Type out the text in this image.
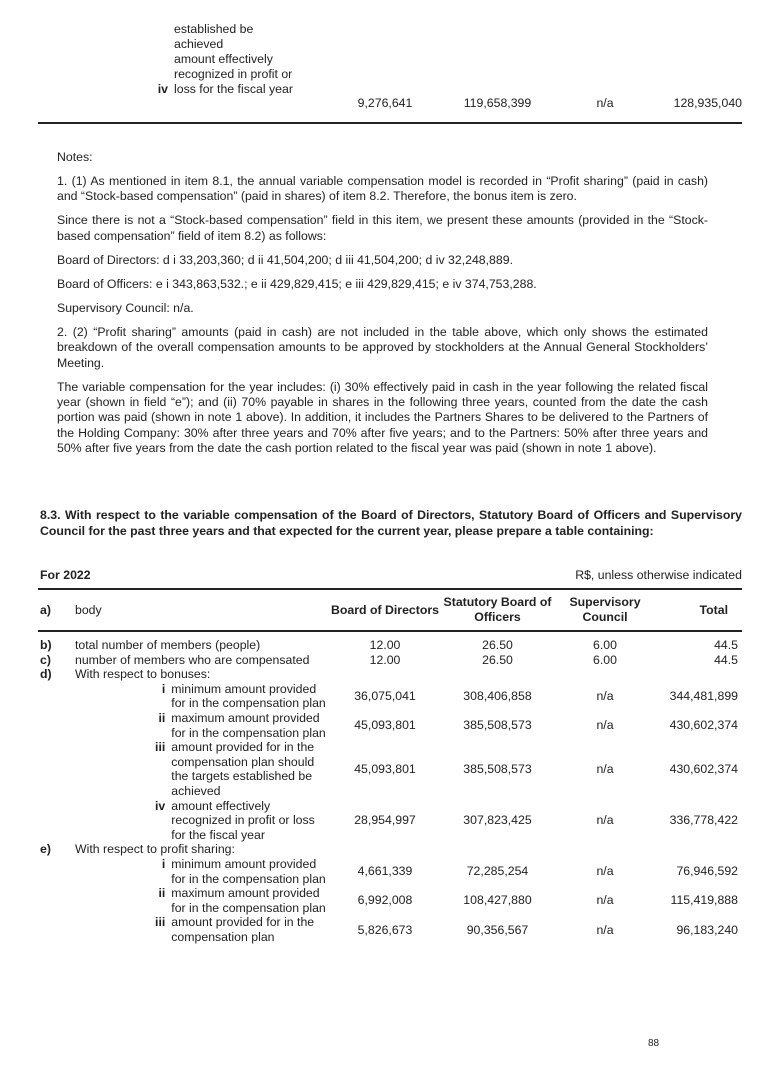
established be
achieved
amount effectively
recognized in profit or
loss for the fiscal year
iv
9,276,641	119,658,399	n/a	128,935,040

Notes:

1. (1) As mentioned in item 8.1, the annual variable compensation model is recorded in “Profit sharing” (paid in cash) and “Stock-based compensation” (paid in shares) of item 8.2. Therefore, the bonus item is zero.

Since there is not a “Stock-based compensation” field in this item, we present these amounts (provided in the “Stock-based compensation” field of item 8.2) as follows:

Board of Directors: d i 33,203,360; d ii 41,504,200; d iii 41,504,200; d iv 32,248,889.

Board of Officers: e i 343,863,532.; e ii 429,829,415; e iii 429,829,415; e iv 374,753,288.

Supervisory Council: n/a.

2. (2) “Profit sharing” amounts (paid in cash) are not included in the table above, which only shows the estimated breakdown of the overall compensation amounts to be approved by stockholders at the Annual General Stockholders’ Meeting.

The variable compensation for the year includes: (i) 30% effectively paid in cash in the year following the related fiscal year (shown in field “e”); and (ii) 70% payable in shares in the following three years, counted from the date the cash portion was paid (shown in note 1 above). In addition, it includes the Partners Shares to be delivered to the Partners of the Holding Company: 30% after three years and 70% after five years; and to the Partners: 50% after three years and 50% after five years from the date the cash portion related to the fiscal year was paid (shown in note 1 above).

8.3. With respect to the variable compensation of the Board of Directors, Statutory Board of Officers and Supervisory Council for the past three years and that expected for the current year, please prepare a table containing:
For 2022	R$, unless otherwise indicated
a)	body	Board of Directors	Statutory Board of Officers	Supervisory Council	Total
b)	total number of members (people)	12.00	26.50	6.00	44.5
c)	number of members who are compensated	12.00	26.50	6.00	44.5
d)	With respect to bonuses:				

	i minimum amount provided for in the compensation plan	36,075,041	308,406,858	n/a	344,481,899

	ii maximum amount provided for in the compensation plan	45,093,801	385,508,573	n/a	430,602,374

	iii amount provided for in the compensation plan should the targets established be achieved	45,093,801	385,508,573	n/a	430,602,374

	iv amount effectively recognized in profit or loss for the fiscal year	28,954,997	307,823,425	n/a	336,778,422
e)	With respect to profit sharing:				

	i minimum amount provided for in the compensation plan	4,661,339	72,285,254	n/a	76,946,592

	ii maximum amount provided for in the compensation plan	6,992,008	108,427,880	n/a	115,419,888

	iii amount provided for in the compensation plan	5,826,673	90,356,567	n/a	96,183,240
88
